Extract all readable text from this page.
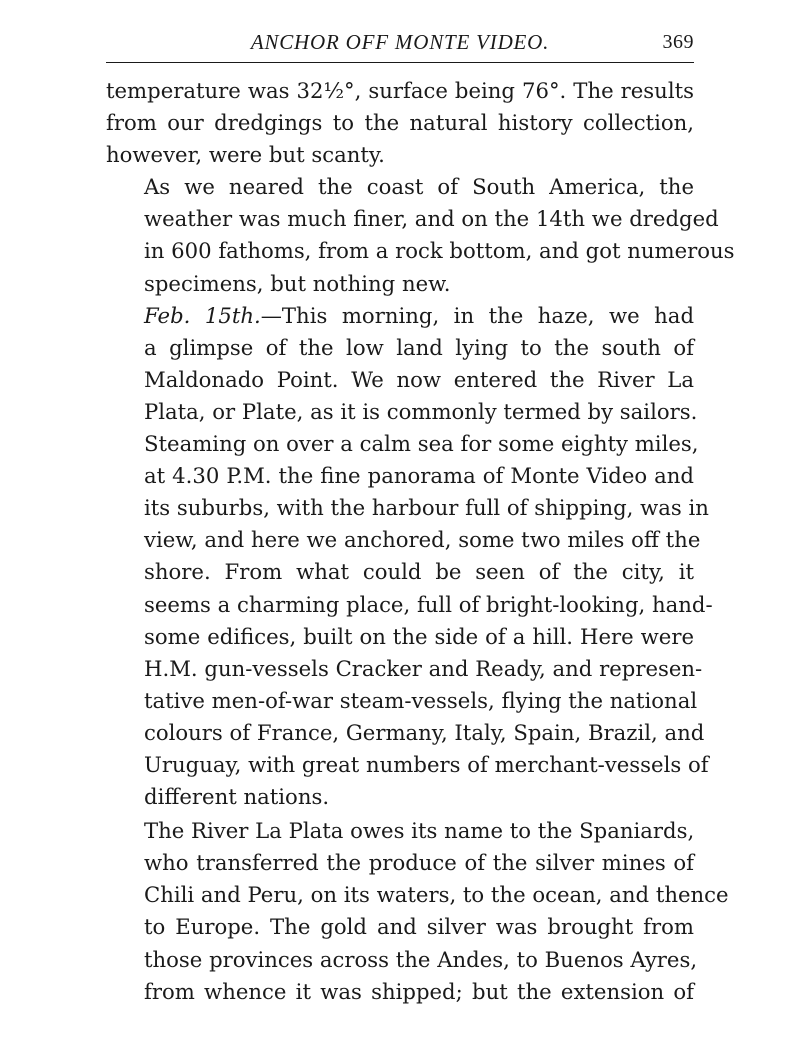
ANCHOR OFF MONTE VIDEO.	369
temperature was 32½°, surface being 76°. The results
from our dredgings to the natural history collection,
however, were but scanty.
As we neared the coast of South America, the
weather was much finer, and on the 14th we dredged
in 600 fathoms, from a rock bottom, and got numerous
specimens, but nothing new.
Feb. 15th.—This morning, in the haze, we had
a glimpse of the low land lying to the south of
Maldonado Point. We now entered the River La
Plata, or Plate, as it is commonly termed by sailors.
Steaming on over a calm sea for some eighty miles,
at 4.30 P.M. the fine panorama of Monte Video and
its suburbs, with the harbour full of shipping, was in
view, and here we anchored, some two miles off the
shore. From what could be seen of the city, it
seems a charming place, full of bright-looking, hand-
some edifices, built on the side of a hill. Here were
H.M. gun-vessels Cracker and Ready, and represen-
tative men-of-war steam-vessels, flying the national
colours of France, Germany, Italy, Spain, Brazil, and
Uruguay, with great numbers of merchant-vessels of
different nations.
The River La Plata owes its name to the Spaniards,
who transferred the produce of the silver mines of
Chili and Peru, on its waters, to the ocean, and thence
to Europe. The gold and silver was brought from
those provinces across the Andes, to Buenos Ayres,
from whence it was shipped; but the extension of
